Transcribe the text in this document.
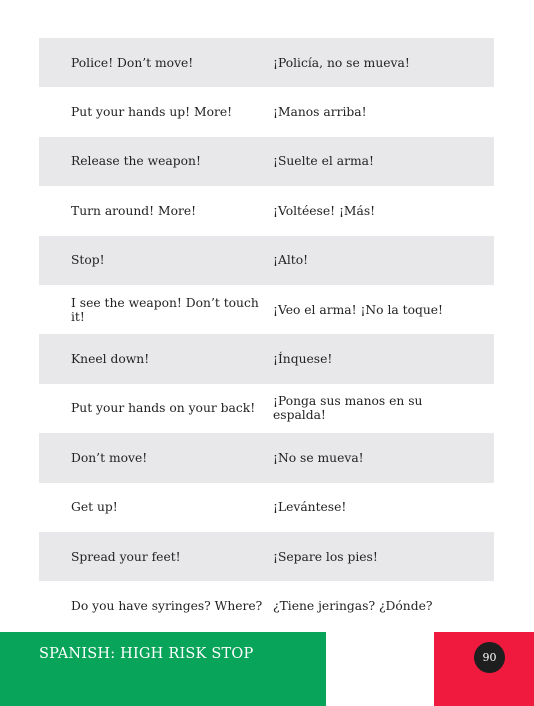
Police! Don’t move!	¡Policía, no se mueva!
Put your hands up! More!	¡Manos arriba!
Release the weapon!	¡Suelte el arma!
Turn around! More!	¡Voltéese! ¡Más!
Stop!	¡Alto!
I see the weapon! Don’t touch it!	¡Veo el arma! ¡No la toque!
Kneel down!	¡Ínquese!
Put your hands on your back!	¡Ponga sus manos en su espalda!
Don’t move!	¡No se mueva!
Get up!	¡Levántese!
Spread your feet!	¡Separe los pies!
Do you have syringes? Where? ¿Tiene jeringas? ¿Dónde?
SPANISH: HIGH RISK STOP	90
